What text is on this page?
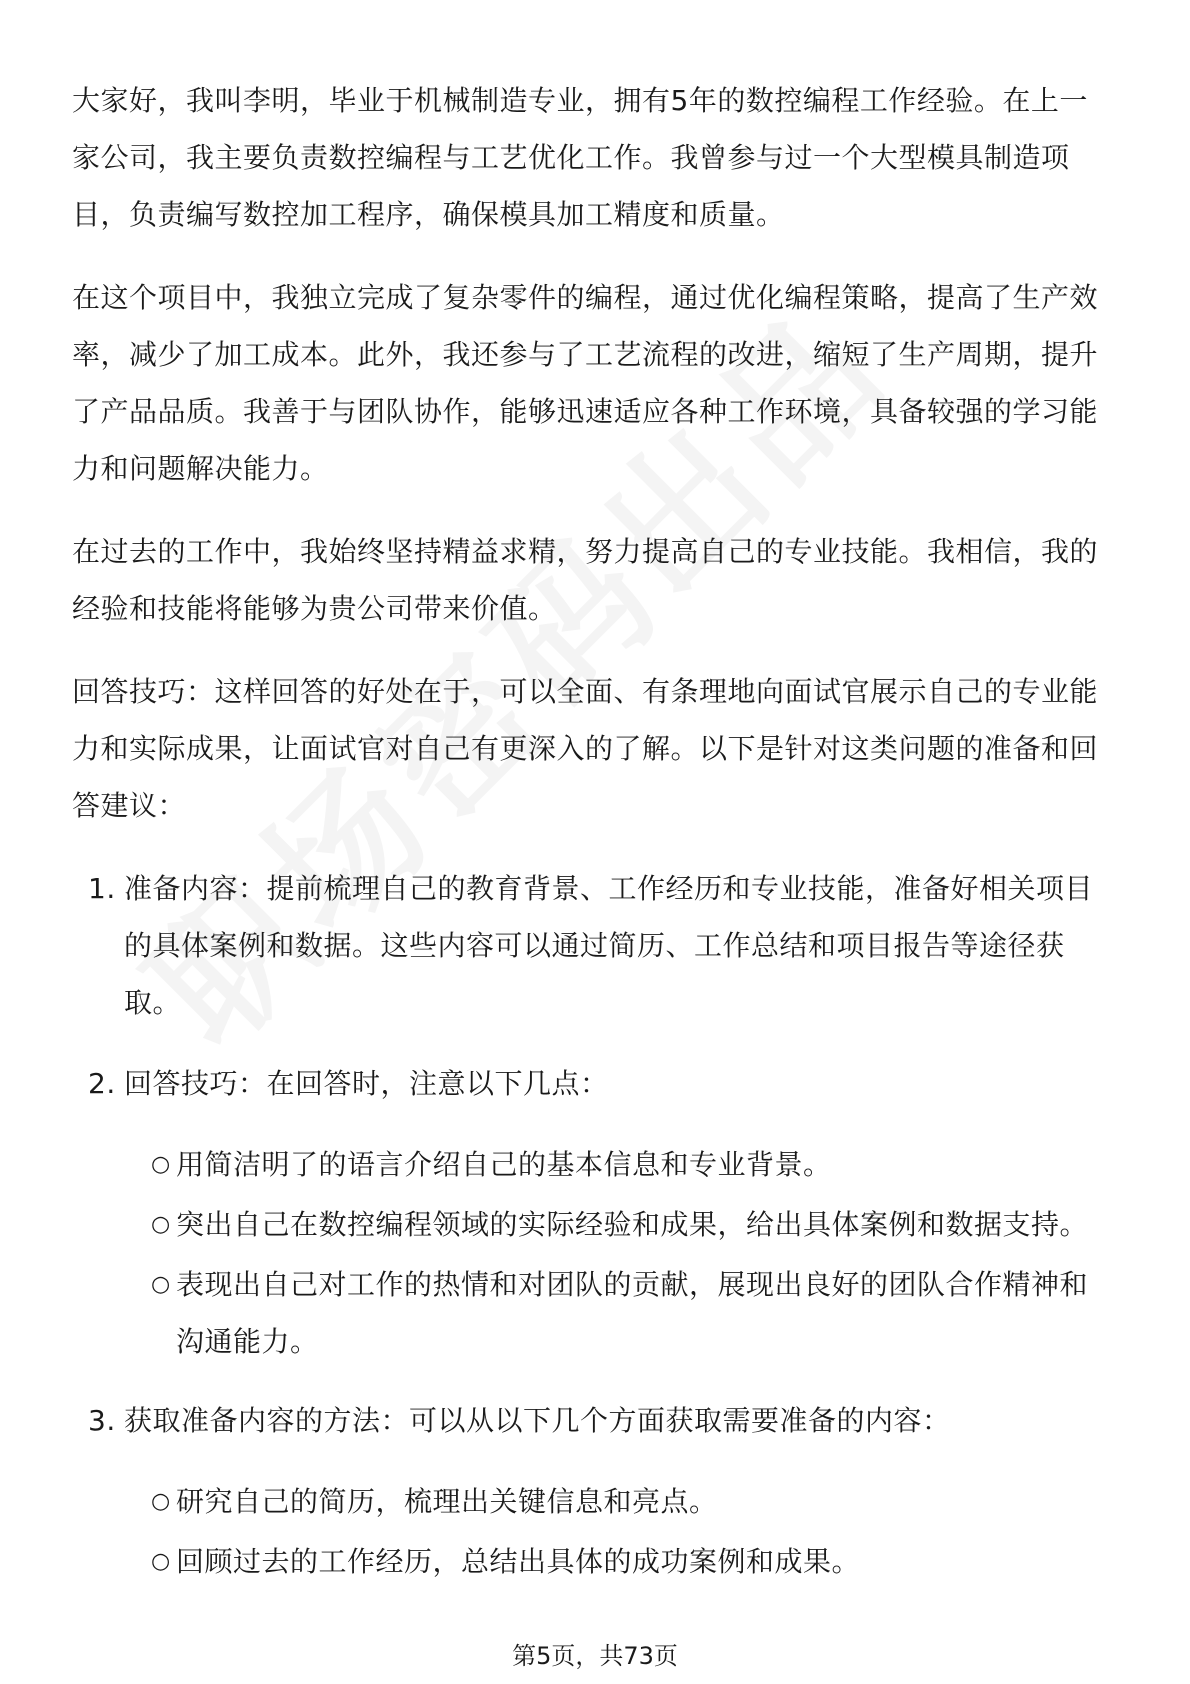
大家好，我叫李明，毕业于机械制造专业，拥有5年的数控编程工作经验。在上一家公司，我主要负责数控编程与工艺优化工作。我曾参与过一个大型模具制造项目，负责编写数控加工程序，确保模具加工精度和质量。

在这个项目中，我独立完成了复杂零件的编程，通过优化编程策略，提高了生产效率，减少了加工成本。此外，我还参与了工艺流程的改进，缩短了生产周期，提升了产品品质。我善于与团队协作，能够迅速适应各种工作环境，具备较强的学习能力和问题解决能力。

在过去的工作中，我始终坚持精益求精，努力提高自己的专业技能。我相信，我的经验和技能将能够为贵公司带来价值。

回答技巧：这样回答的好处在于，可以全面、有条理地向面试官展示自己的专业能力和实际成果，让面试官对自己有更深入的了解。以下是针对这类问题的准备和回答建议：

1. 准备内容：提前梳理自己的教育背景、工作经历和专业技能，准备好相关项目的具体案例和数据。这些内容可以通过简历、工作总结和项目报告等途径获取。
2. 回答技巧：在回答时，注意以下几点：
○ 用简洁明了的语言介绍自己的基本信息和专业背景。
○ 突出自己在数控编程领域的实际经验和成果，给出具体案例和数据支持。
○ 表现出自己对工作的热情和对团队的贡献，展现出良好的团队合作精神和沟通能力。
3. 获取准备内容的方法：可以从以下几个方面获取需要准备的内容：
○ 研究自己的简历，梳理出关键信息和亮点。
○ 回顾过去的工作经历，总结出具体的成功案例和成果。
第5页，共73页
